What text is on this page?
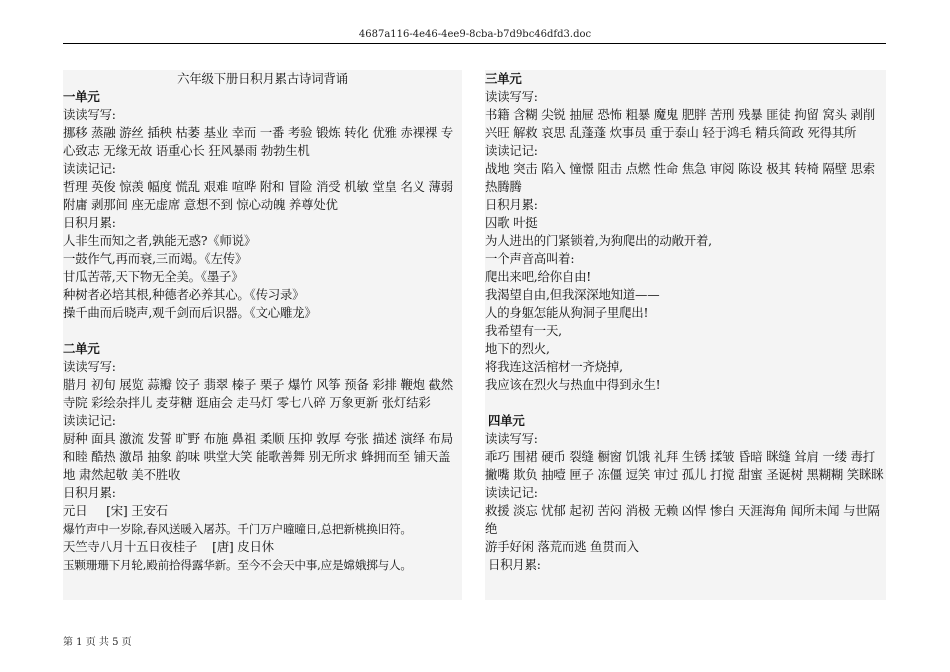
4687a116-4e46-4ee9-8cba-b7d9bc46dfd3.doc

六年级下册日积月累古诗词背诵

一单元

读读写写:

挪移 蒸融 游丝 插秧 枯萎 基业 幸而 一番 考验 锻炼 转化 优雅 赤裸裸 专心致志 无缘无故 语重心长 狂风暴雨 勃勃生机

读读记记:

哲理 英俊 惊羡 幅度 慌乱 艰难 喧哗 附和 冒险 消受 机敏 堂皇 名义 薄弱 附庸 剥那间 座无虚席 意想不到 惊心动魄 养尊处优

日积月累:

人非生而知之者,孰能无惑?《师说》

一鼓作气,再而衰,三而竭。《左传》

甘瓜苦蒂,天下物无全美。《墨子》

种树者必培其根,种德者必养其心。《传习录》

操千曲而后晓声,观千剑而后识器。《文心雕龙》

二单元

读读写写:

腊月 初旬 展览 蒜瓣 饺子 翡翠 榛子 栗子 爆竹 风筝 预备 彩排 鞭炮 截然 寺院 彩绘杂拌儿 麦芽糖 逛庙会 走马灯 零七八碎 万象更新 张灯结彩

读读记记:

厨种 面具 激流 发誓 旷野 布施 鼻祖 柔顺 压抑 敦厚 夸张 描述 演绎 布局 和睦 酷热 激昂 抽象 韵味 哄堂大笑 能歌善舞 别无所求 蜂拥而至 铺天盖地 肃然起敬 美不胜收

日积月累:

元日 [宋] 王安石

爆竹声中一岁除,春风送暖入屠苏。千门万户曈曈日,总把新桃换旧符。

天竺寺八月十五日夜桂子 [唐] 皮日休

玉颗珊珊下月轮,殿前拾得露华新。至今不会天中事,应是嫦娥掷与人。

三单元

读读写写:

书籍 含糊 尖锐 抽屉 恐怖 粗暴 魔鬼 肥胖 苦刑 残暴 匪徒 拘留 窝头 剥削 兴旺 解救 哀思 乱蓬蓬 炊事员 重于泰山 轻于鸿毛 精兵简政 死得其所

读读记记:

战地 突击 陷入 憧憬 阻击 点燃 性命 焦急 审阅 陈设 极其 转椅 隔壁 思索 热腾腾

日积月累:

囚歌 叶挺

为人进出的门紧锁着,为狗爬出的动敞开着,

一个声音高叫着:

爬出来吧,给你自由!

我渴望自由,但我深深地知道——

人的身躯怎能从狗洞子里爬出!

我希望有一天,

地下的烈火,

将我连这活棺材一齐烧掉,

我应该在烈火与热血中得到永生!

四单元

读读写写:

乖巧 围裙 硬币 裂缝 橱窗 饥饿 礼拜 生锈 揉皱 昏暗 眯缝 耸肩 一缕 毒打 撇嘴 欺负 抽噎 匣子 冻僵 逗笑 审过 孤儿 打搅 甜蜜 圣诞树 黑糊糊 笑眯眯

读读记记:

救援 淡忘 忧郁 起初 苦闷 消极 无赖 凶悍 惨白 天涯海角 闻所未闻 与世隔绝

游手好闲 落荒而逃 鱼贯而入

日积月累:

第 1 页 共 5 页
